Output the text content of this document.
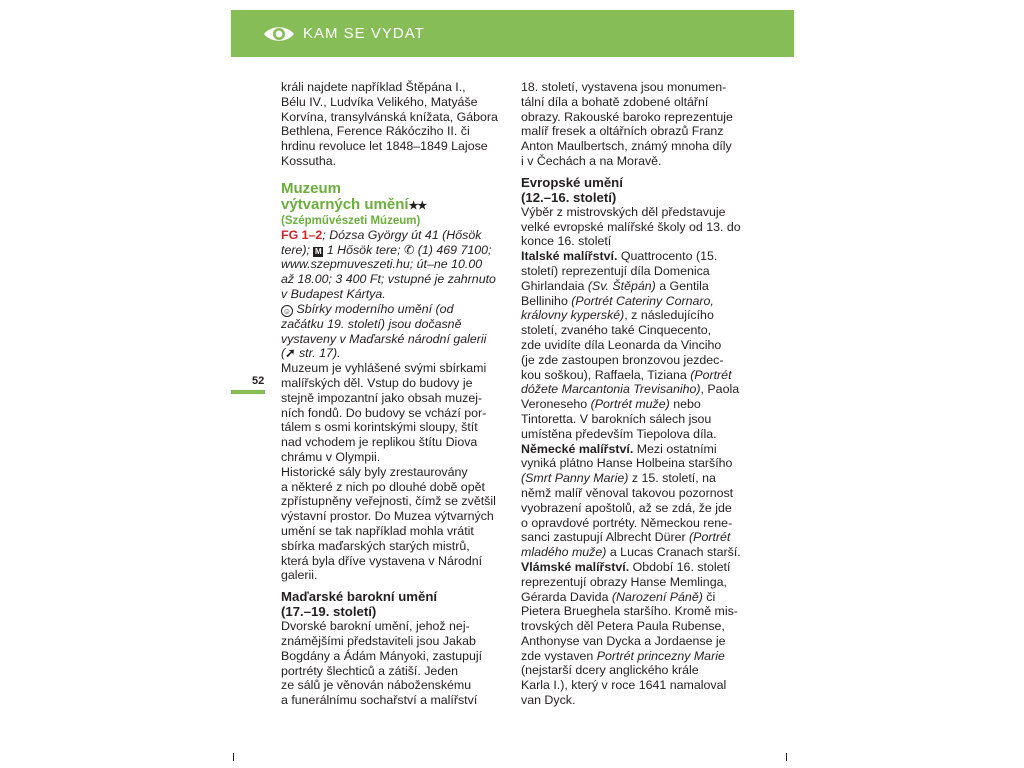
KAM SE VYDAT

králi najdete například Štěpána I.,

Bélu IV., Ludvíka Velikého, Matyáše

Korvína, transylvánská knížata, Gábora

Bethlena, Ference Rákócziho II. či

hrdinu revoluce let 1848–1849 Lajose

Kossutha.

Muzeum
výtvarných umění★★
(Szépművészeti Múzeum)

FG 1–2; Dózsa György út 41 (Hősök

tere); M 1 Hősök tere; ✆ (1) 469 7100;

www.szepmuveszeti.hu; út–ne 10.00

až 18.00; 3 400 Ft; vstupné je zahrnuto

v Budapest Kártya.

☺ Sbírky moderního umění (od

začátku 19. století) jsou dočasně

vystaveny v Maďarské národní galerii

(➚ str. 17).

Muzeum je vyhlášené svými sbírkami

malířských děl. Vstup do budovy je

stejně impozantní jako obsah muzej-

ních fondů. Do budovy se vchází por-

tálem s osmi korintskými sloupy, štít

nad vchodem je replikou štítu Diova

chrámu v Olympii.

Historické sály byly zrestaurovány

a některé z nich po dlouhé době opět

zpřístupněny veřejnosti, čímž se zvětšil

výstavní prostor. Do Muzea výtvarných

umění se tak například mohla vrátit

sbírka maďarských starých mistrů,

která byla dříve vystavena v Národní

galerii.

Maďarské barokní umění
(17.–19. století)

Dvorské barokní umění, jehož nej-

známějšími představiteli jsou Jakab

Bogdány a Ádám Mányoki, zastupují

portréty šlechticů a zátiší. Jeden

ze sálů je věnován náboženskému

a funerálnímu sochařství a malířství

52

18. století, vystavena jsou monumen-

tální díla a bohatě zdobené oltářní

obrazy. Rakouské baroko reprezentuje

malíř fresek a oltářních obrazů Franz

Anton Maulbertsch, známý mnoha díly

i v Čechách a na Moravě.

Evropské umění
(12.–16. století)

Výběr z mistrovských děl představuje

velké evropské malířské školy od 13. do

konce 16. století

Italské malířství. Quattrocento (15.

století) reprezentují díla Domenica

Ghirlandaia (Sv. Štěpán) a Gentila

Belliniho (Portrét Cateriny Cornaro,

královny kyperské), z následujícího

století, zvaného také Cinquecento,

zde uvidíte díla Leonarda da Vinciho

(je zde zastoupen bronzovou jezdec-

kou soškou), Raffaela, Tiziana (Portrét

dóžete Marcantonia Trevisaniho), Paola

Veroneseho (Portrét muže) nebo

Tintoretta. V barokních sálech jsou

umístěna především Tiepolova díla.

Německé malířství. Mezi ostatními

vyniká plátno Hanse Holbeina staršího

(Smrt Panny Marie) z 15. století, na

němž malíř věnoval takovou pozornost

vyobrazení apoštolů, až se zdá, že jde

o opravdové portréty. Německou rene-

sanci zastupují Albrecht Dürer (Portrét

mladého muže) a Lucas Cranach starší.

Vlámské malířství. Období 16. století

reprezentují obrazy Hanse Memlinga,

Gérarda Davida (Narození Páně) či

Pietera Brueghela staršího. Kromě mis-

trovských děl Petera Paula Rubense,

Anthonyse van Dycka a Jordaense je

zde vystaven Portrét princezny Marie

(nejstarší dcery anglického krále

Karla I.), který v roce 1641 namaloval

van Dyck.
